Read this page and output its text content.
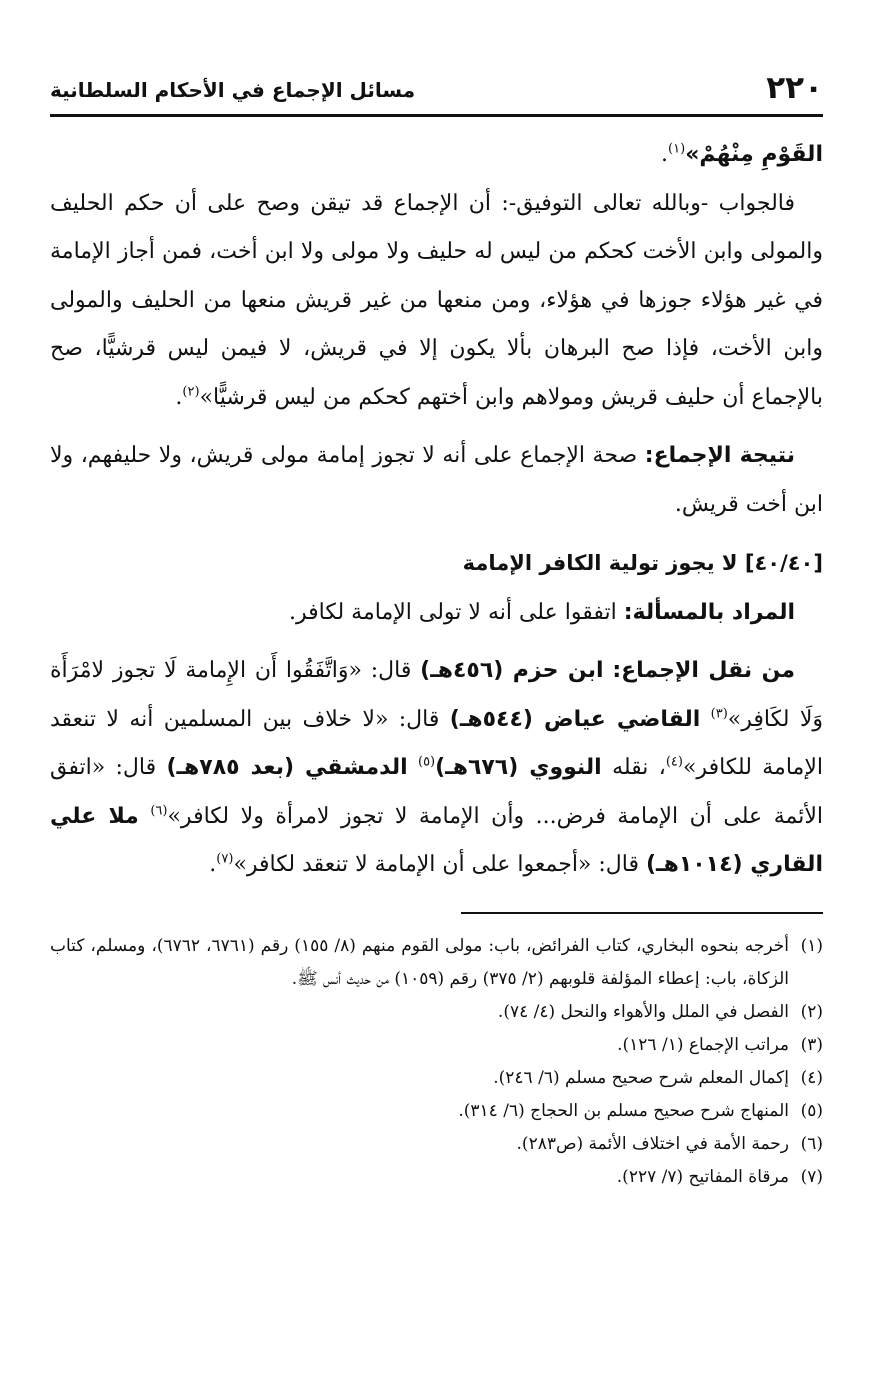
٢٢٠
مسائل الإجماع في الأحكام السلطانية

القَوْمِ مِنْهُمْ»$^{(١)}$.

فالجواب -وبالله تعالى التوفيق-: أن الإجماع قد تيقن وصح على أن حكم الحليف والمولى وابن الأخت كحكم من ليس له حليف ولا مولى ولا ابن أخت، فمن أجاز الإمامة في غير هؤلاء جوزها في هؤلاء، ومن منعها من غير قريش منعها من الحليف والمولى وابن الأخت، فإذا صح البرهان بألا يكون إلا في قريش، لا فيمن ليس قرشيًّا، صح بالإجماع أن حليف قريش ومولاهم وابن أختهم كحكم من ليس قرشيًّا»$^{(٢)}$.

نتيجة الإجماع: صحة الإجماع على أنه لا تجوز إمامة مولى قريش، ولا حليفهم، ولا ابن أخت قريش.

[٤٠/٤٠] لا يجوز تولية الكافر الإمامة

المراد بالمسألة: اتفقوا على أنه لا تولى الإمامة لكافر.

من نقل الإجماع: ابن حزم (٤٥٦هـ) قال: «وَاتَّفَقُوا أَن الإِمامة لَا تجوز لامْرَأَة وَلَا لكَافِر»$^{(٣)}$ القاضي عياض (٥٤٤هـ) قال: «لا خلاف بين المسلمين أنه لا تنعقد الإمامة للكافر»$^{(٤)}$، نقله النووي (٦٧٦هـ)$^{(٥)}$ الدمشقي (بعد ٧٨٥هـ) قال: «اتفق الأئمة على أن الإمامة فرض... وأن الإمامة لا تجوز لامرأة ولا لكافر»$^{(٦)}$ ملا علي القاري (١٠١٤هـ) قال: «أجمعوا على أن الإمامة لا تنعقد لكافر»$^{(٧)}$.

(١)
أخرجه بنحوه البخاري، كتاب الفرائض، باب: مولى القوم منهم (٨/ ١٥٥) رقم (٦٧٦١، ٦٧٦٢)، ومسلم، كتاب الزكاة، باب: إعطاء المؤلفة قلوبهم (٢/ ٣٧٥) رقم (١٠٥٩) من حديث أنس ﷺ.
(٢)
الفصل في الملل والأهواء والنحل (٤/ ٧٤).
(٣)
مراتب الإجماع (١/ ١٢٦).
(٤)
إكمال المعلم شرح صحيح مسلم (٦/ ٢٤٦).
(٥)
المنهاج شرح صحيح مسلم بن الحجاج (٦/ ٣١٤).
(٦)
رحمة الأمة في اختلاف الأئمة (ص٢٨٣).
(٧)
مرقاة المفاتيح (٧/ ٢٢٧).
